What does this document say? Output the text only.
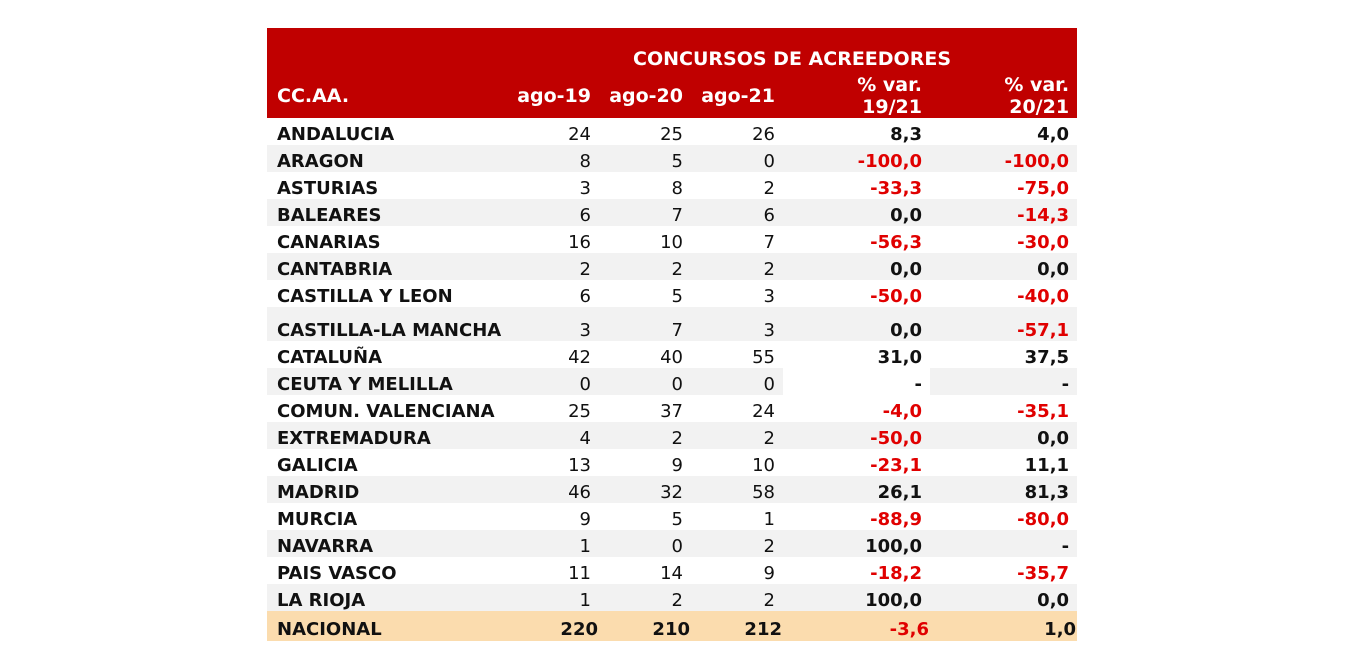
	CONCURSOS DE ACREEDORES				
CC.AA.	ago-19	ago-20	ago-21	% var. 19/21	% var. 20/21
ANDALUCIA	24	25	26	8,3	4,0
ARAGON	8	5	0	-100,0	-100,0
ASTURIAS	3	8	2	-33,3	-75,0
BALEARES	6	7	6	0,0	-14,3
CANARIAS	16	10	7	-56,3	-30,0
CANTABRIA	2	2	2	0,0	0,0
CASTILLA Y LEON	6	5	3	-50,0	-40,0
CASTILLA-LA MANCHA	3	7	3	0,0	-57,1
CATALUÑA	42	40	55	31,0	37,5
CEUTA Y MELILLA	0	0	0	-	-
COMUN. VALENCIANA	25	37	24	-4,0	-35,1
EXTREMADURA	4	2	2	-50,0	0,0
GALICIA	13	9	10	-23,1	11,1
MADRID	46	32	58	26,1	81,3
MURCIA	9	5	1	-88,9	-80,0
NAVARRA	1	0	2	100,0	-
PAIS VASCO	11	14	9	-18,2	-35,7
LA RIOJA	1	2	2	100,0	0,0
NACIONAL	220	210	212	-3,6	1,0
